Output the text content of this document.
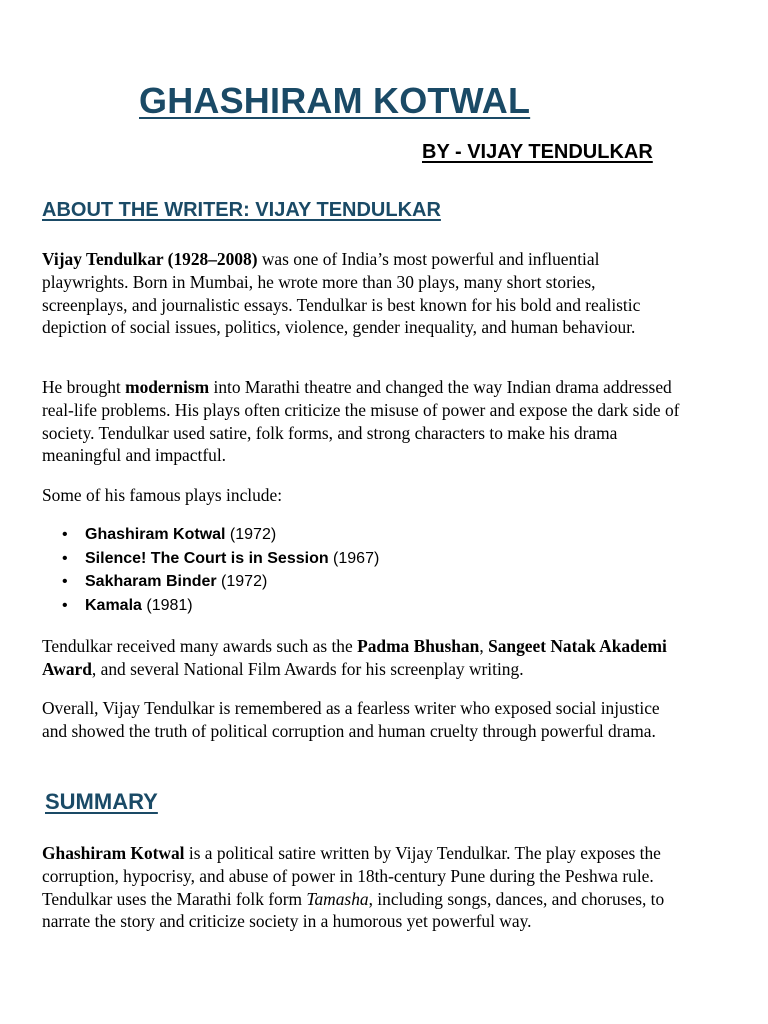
GHASHIRAM KOTWAL
BY - VIJAY TENDULKAR
ABOUT THE WRITER: VIJAY TENDULKAR

Vijay Tendulkar (1928–2008) was one of India’s most powerful and influential playwrights. Born in Mumbai, he wrote more than 30 plays, many short stories, screenplays, and journalistic essays. Tendulkar is best known for his bold and realistic depiction of social issues, politics, violence, gender inequality, and human behaviour.

He brought modernism into Marathi theatre and changed the way Indian drama addressed real-life problems. His plays often criticize the misuse of power and expose the dark side of society. Tendulkar used satire, folk forms, and strong characters to make his drama meaningful and impactful.

Some of his famous plays include:

• Ghashiram Kotwal (1972)
• Silence! The Court is in Session (1967)
• Sakharam Binder (1972)
• Kamala (1981)

Tendulkar received many awards such as the Padma Bhushan, Sangeet Natak Akademi Award, and several National Film Awards for his screenplay writing.

Overall, Vijay Tendulkar is remembered as a fearless writer who exposed social injustice and showed the truth of political corruption and human cruelty through powerful drama.

SUMMARY

Ghashiram Kotwal is a political satire written by Vijay Tendulkar. The play exposes the corruption, hypocrisy, and abuse of power in 18th-century Pune during the Peshwa rule. Tendulkar uses the Marathi folk form Tamasha, including songs, dances, and choruses, to narrate the story and criticize society in a humorous yet powerful way.
